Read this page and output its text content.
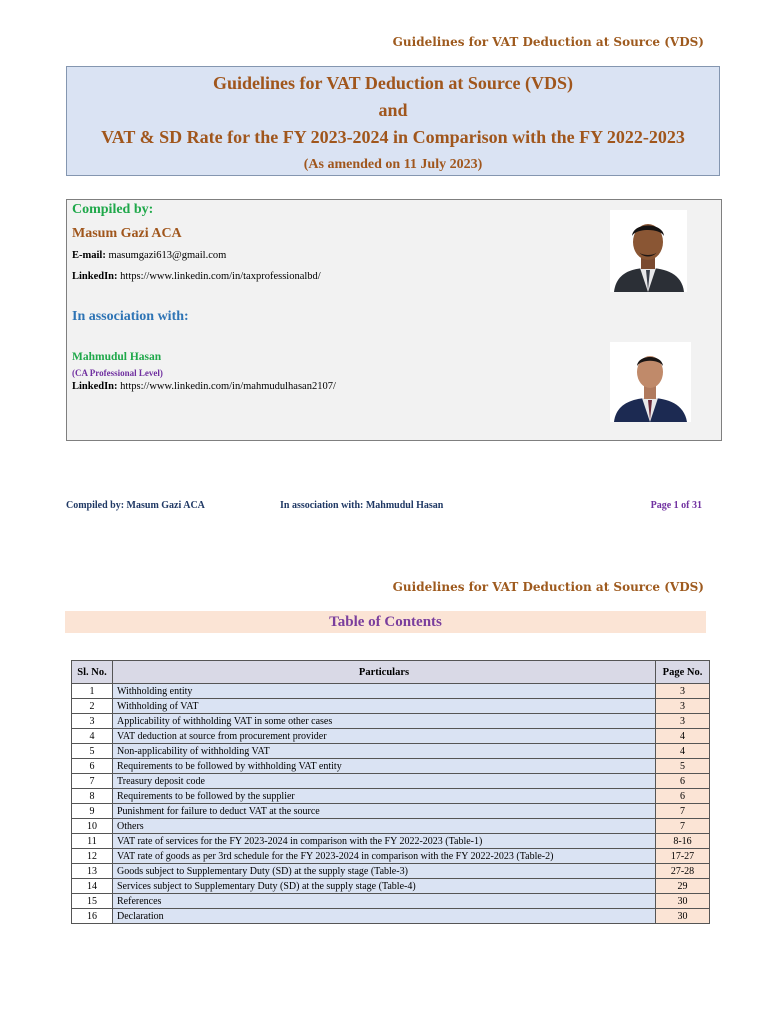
Guidelines for VAT Deduction at Source (VDS)
Guidelines for VAT Deduction at Source (VDS)
and
VAT & SD Rate for the FY 2023-2024 in Comparison with the FY 2022-2023
(As amended on 11 July 2023)
Compiled by:
Masum Gazi ACA
E-mail: masumgazi613@gmail.com
LinkedIn: https://www.linkedin.com/in/taxprofessionalbd/
In association with:
Mahmudul Hasan
(CA Professional Level)
LinkedIn: https://www.linkedin.com/in/mahmudulhasan2107/
Compiled by: Masum Gazi ACA	In association with: Mahmudul Hasan	Page 1 of 31
Guidelines for VAT Deduction at Source (VDS)
Table of Contents
Sl. No.	Particulars	Page No.
1	Withholding entity	3
2	Withholding of VAT	3
3	Applicability of withholding VAT in some other cases	3
4	VAT deduction at source from procurement provider	4
5	Non-applicability of withholding VAT	4
6	Requirements to be followed by withholding VAT entity	5
7	Treasury deposit code	6
8	Requirements to be followed by the supplier	6
9	Punishment for failure to deduct VAT at the source	7
10	Others	7
11	VAT rate of services for the FY 2023-2024 in comparison with the FY 2022-2023 (Table-1)	8-16
12	VAT rate of goods as per 3rd schedule for the FY 2023-2024 in comparison with the FY 2022-2023 (Table-2)	17-27
13	Goods subject to Supplementary Duty (SD) at the supply stage (Table-3)	27-28
14	Services subject to Supplementary Duty (SD) at the supply stage (Table-4)	29
15	References	30
16	Declaration	30
